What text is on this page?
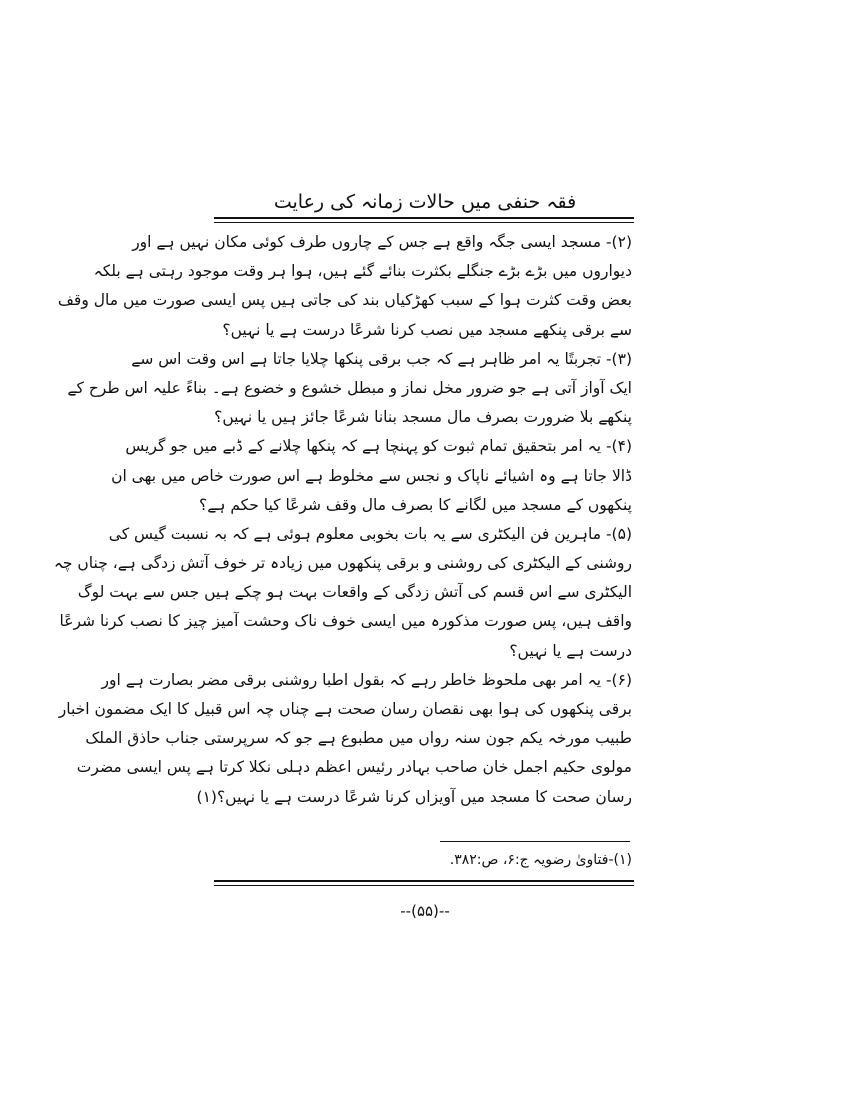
فقہ حنفی میں حالات زمانہ کی رعایت
(۲)- مسجد ایسی جگہ واقع ہے جس کے چاروں طرف کوئی مکان نہیں ہے اور
دیواروں میں بڑے بڑے جنگلے بکثرت بنائے گئے ہیں، ہوا ہر وقت موجود رہتی ہے بلکہ
بعض وقت کثرت ہوا کے سبب کھڑکیاں بند کی جاتی ہیں پس ایسی صورت میں مال وقف
سے برقی پنکھے مسجد میں نصب کرنا شرعًا درست ہے یا نہیں؟
(۳)- تجربتًا یہ امر ظاہر ہے کہ جب برقی پنکھا چلایا جاتا ہے اس وقت اس سے
ایک آواز آتی ہے جو ضرور مخل نماز و مبطل خشوع و خضوع ہے۔ بناءً علیہ اس طرح کے
پنکھے بلا ضرورت بصرف مال مسجد بنانا شرعًا جائز ہیں یا نہیں؟
(۴)- یہ امر بتحقیق تمام ثبوت کو پہنچا ہے کہ پنکھا چلانے کے ڈبے میں جو گریس
ڈالا جاتا ہے وہ اشیائے ناپاک و نجس سے مخلوط ہے اس صورت خاص میں بھی ان
پنکھوں کے مسجد میں لگانے کا بصرف مال وقف شرعًا کیا حکم ہے؟
(۵)- ماہرین فن الیکٹری سے یہ بات بخوبی معلوم ہوئی ہے کہ بہ نسبت گیس کی
روشنی کے الیکٹری کی روشنی و برقی پنکھوں میں زیادہ تر خوف آتش زدگی ہے، چناں چہ
الیکٹری سے اس قسم کی آتش زدگی کے واقعات بہت ہو چکے ہیں جس سے بہت لوگ
واقف ہیں، پس صورت مذکورہ میں ایسی خوف ناک وحشت آمیز چیز کا نصب کرنا شرعًا
درست ہے یا نہیں؟
(۶)- یہ امر بھی ملحوظ خاطر رہے کہ بقول اطبا روشنی برقی مضر بصارت ہے اور
برقی پنکھوں کی ہوا بھی نقصان رسان صحت ہے چناں چہ اس قبیل کا ایک مضمون اخبار
طبیب مورخہ یکم جون سنہ رواں میں مطبوع ہے جو کہ سرپرستی جناب حاذق الملک
مولوی حکیم اجمل خان صاحب بہادر رئیس اعظم دہلی نکلا کرتا ہے پس ایسی مضرت
رسان صحت کا مسجد میں آویزاں کرنا شرعًا درست ہے یا نہیں؟(۱)
(۱)-فتاویٰ رضویہ ج:۶، ص:۳۸۲.
--(۵۵)--
